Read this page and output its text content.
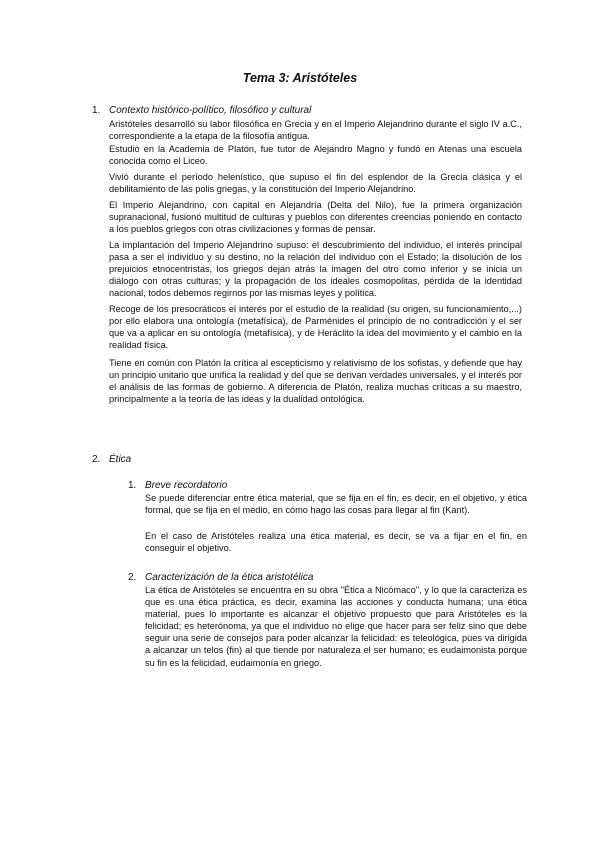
Tema 3: Aristóteles
1. Contexto histórico-político, filosófico y cultural

Aristóteles desarrolló su labor filosófica en Grecia y en el Imperio Alejandrino durante el siglo IV a.C., correspondiente a la etapa de la filosofía antigua.

Estudió en la Academia de Platón, fue tutor de Alejandro Magno y fundó en Atenas una escuela conocida como el Liceo.

Vivió durante el período helenístico, que supuso el fin del esplendor de la Grecia clásica y el debilitamiento de las polis griegas, y la constitución del Imperio Alejandrino.

El Imperio Alejandrino, con capital en Alejandría (Delta del Nilo), fue la primera organización supranacional, fusionó multitud de culturas y pueblos con diferentes creencias poniendo en contacto a los pueblos griegos con otras civilizaciones y formas de pensar.

La implantación del Imperio Alejandrino supuso: el descubrimiento del individuo, el interés principal pasa a ser el individuo y su destino, no la relación del individuo con el Estado; la disolución de los prejuicios etnocentristas, los griegos dejan atrás la imagen del otro como inferior y se inicia un diálogo con otras culturas; y la propagación de los ideales cosmopolitas, pérdida de la identidad nacional, todos debemos regirnos por las mismas leyes y política.

Recoge de los presocráticos el interés por el estudio de la realidad (su origen, su funcionamiento,...) por ello elabora una ontología (metafísica), de Parménides el principio de no contradicción y el ser que va a aplicar en su ontología (metafísica), y de Heráclito la idea del movimiento y el cambio en la realidad física.

Tiene en común con Platón la crítica al escepticismo y relativismo de los sofistas, y defiende que hay un principio unitario que unifica la realidad y del que se derivan verdades universales, y el interés por el análisis de las formas de gobierno. A diferencia de Platón, realiza muchas críticas a su maestro, principalmente a la teoría de las ideas y la dualidad ontológica.

2. Ética
1. Breve recordatorio

Se puede diferenciar entre ética material, que se fija en el fin, es decir, en el objetivo, y ética formal, que se fija en el medio, en cómo hago las cosas para llegar al fin (Kant).

En el caso de Aristóteles realiza una ética material, es decir, se va a fijar en el fin, en conseguir el objetivo.

2. Caracterización de la ética aristotélica

La ética de Aristóteles se encuentra en su obra "Ética a Nicómaco", y lo que la caracteriza es que es una ética práctica, es decir, examina las acciones y conducta humana; una ética material, pues lo importante es alcanzar el objetivo propuesto que para Aristóteles es la felicidad; es heterónoma, ya que el individuo no elige que hacer para ser feliz sino que debe seguir una serie de consejos para poder alcanzar la felicidad: es teleológica, pues va dirigida a alcanzar un telos (fin) al que tiende por naturaleza el ser humano; es eudaimonista porque su fin es la felicidad, eudaimonía en griego.
